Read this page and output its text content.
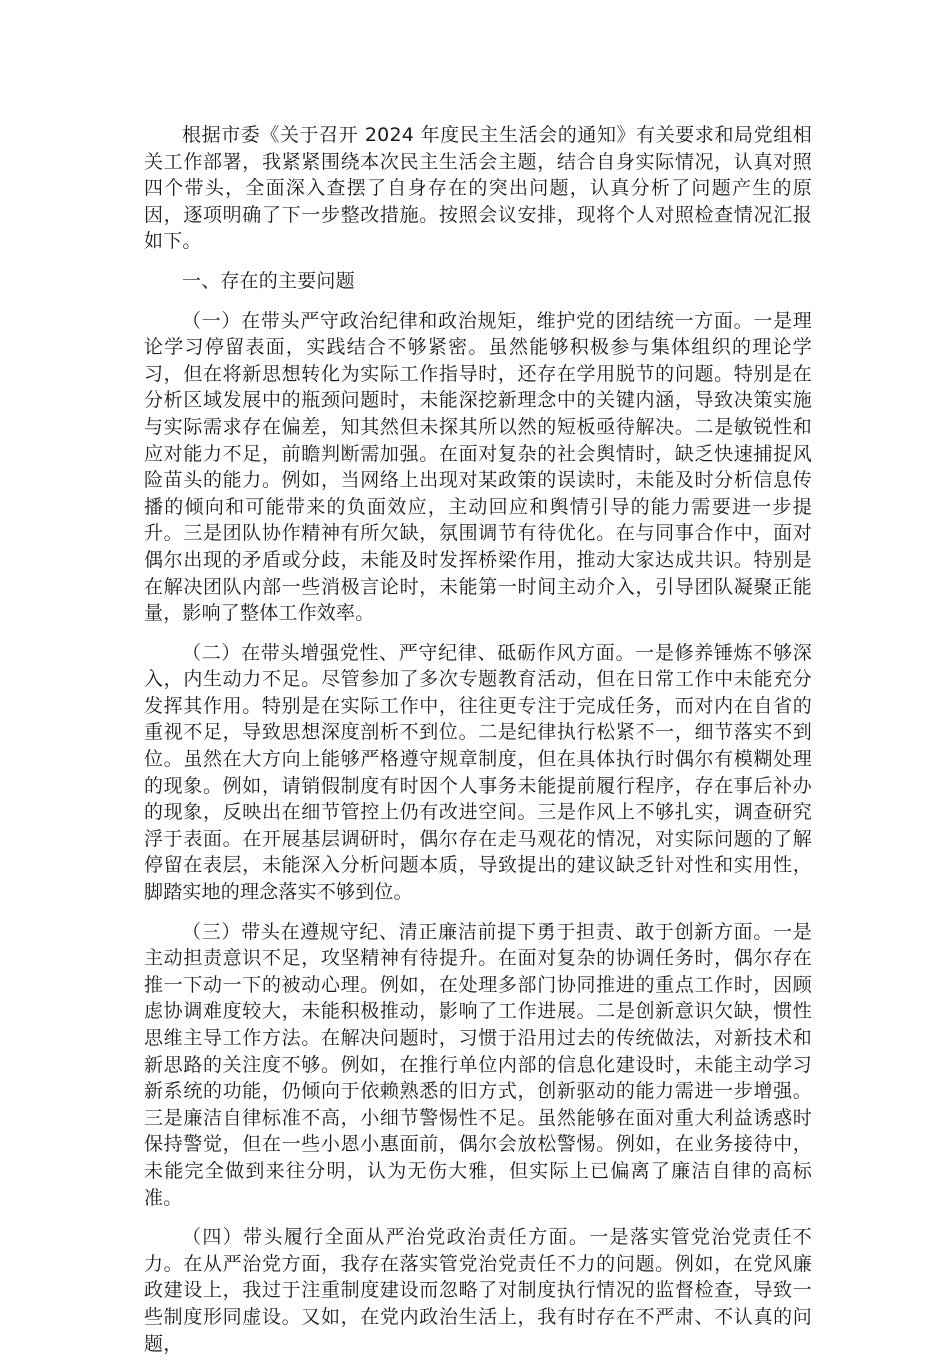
根据市委《关于召开 2024 年度民主生活会的通知》有关要求和局党组相关工作部署，我紧紧围绕本次民主生活会主题，结合自身实际情况，认真对照四个带头，全面深入查摆了自身存在的突出问题，认真分析了问题产生的原因，逐项明确了下一步整改措施。按照会议安排，现将个人对照检查情况汇报如下。

一、存在的主要问题

（一）在带头严守政治纪律和政治规矩，维护党的团结统一方面。一是理论学习停留表面，实践结合不够紧密。虽然能够积极参与集体组织的理论学习，但在将新思想转化为实际工作指导时，还存在学用脱节的问题。特别是在分析区域发展中的瓶颈问题时，未能深挖新理念中的关键内涵，导致决策实施与实际需求存在偏差，知其然但未探其所以然的短板亟待解决。二是敏锐性和应对能力不足，前瞻判断需加强。在面对复杂的社会舆情时，缺乏快速捕捉风险苗头的能力。例如，当网络上出现对某政策的误读时，未能及时分析信息传播的倾向和可能带来的负面效应，主动回应和舆情引导的能力需要进一步提升。三是团队协作精神有所欠缺，氛围调节有待优化。在与同事合作中，面对偶尔出现的矛盾或分歧，未能及时发挥桥梁作用，推动大家达成共识。特别是在解决团队内部一些消极言论时，未能第一时间主动介入，引导团队凝聚正能量，影响了整体工作效率。

（二）在带头增强党性、严守纪律、砥砺作风方面。一是修养锤炼不够深入，内生动力不足。尽管参加了多次专题教育活动，但在日常工作中未能充分发挥其作用。特别是在实际工作中，往往更专注于完成任务，而对内在自省的重视不足，导致思想深度剖析不到位。二是纪律执行松紧不一，细节落实不到位。虽然在大方向上能够严格遵守规章制度，但在具体执行时偶尔有模糊处理的现象。例如，请销假制度有时因个人事务未能提前履行程序，存在事后补办的现象，反映出在细节管控上仍有改进空间。三是作风上不够扎实，调查研究浮于表面。在开展基层调研时，偶尔存在走马观花的情况，对实际问题的了解停留在表层，未能深入分析问题本质，导致提出的建议缺乏针对性和实用性，脚踏实地的理念落实不够到位。

（三）带头在遵规守纪、清正廉洁前提下勇于担责、敢于创新方面。一是主动担责意识不足，攻坚精神有待提升。在面对复杂的协调任务时，偶尔存在推一下动一下的被动心理。例如，在处理多部门协同推进的重点工作时，因顾虑协调难度较大，未能积极推动，影响了工作进展。二是创新意识欠缺，惯性思维主导工作方法。在解决问题时，习惯于沿用过去的传统做法，对新技术和新思路的关注度不够。例如，在推行单位内部的信息化建设时，未能主动学习新系统的功能，仍倾向于依赖熟悉的旧方式，创新驱动的能力需进一步增强。三是廉洁自律标准不高，小细节警惕性不足。虽然能够在面对重大利益诱惑时保持警觉，但在一些小恩小惠面前，偶尔会放松警惕。例如，在业务接待中，未能完全做到来往分明，认为无伤大雅，但实际上已偏离了廉洁自律的高标准。

（四）带头履行全面从严治党政治责任方面。一是落实管党治党责任不力。在从严治党方面，我存在落实管党治党责任不力的问题。例如，在党风廉政建设上，我过于注重制度建设而忽略了对制度执行情况的监督检查，导致一些制度形同虚设。又如，在党内政治生活上，我有时存在不严肃、不认真的问题，
